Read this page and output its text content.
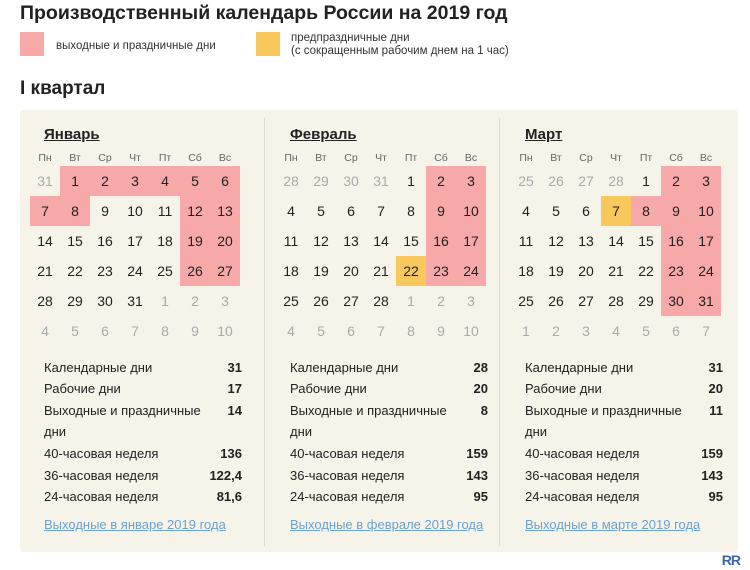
Производственный календарь России на 2019 год
выходные и праздничные дни
предпраздничные дни
(с сокращенным рабочим днем на 1 час)
I квартал
Январь
Пн	Вт	Ср	Чт	Пт	Сб	Вс
31	1	2	3	4	5	6
7	8	9	10	11	12	13
14	15	16	17	18	19	20
21	22	23	24	25	26	27
28	29	30	31	1	2	3
4	5	6	7	8	9	10
Календарные дни	31
Рабочие дни	17
Выходные и праздничные
дни
14
40-часовая неделя	136
36-часовая неделя	122,4
24-часовая неделя	81,6
Выходные в январе 2019 года
Февраль
Пн	Вт	Ср	Чт	Пт	Сб	Вс
28	29	30	31	1	2	3
4	5	6	7	8	9	10
11	12	13	14	15	16	17
18	19	20	21	22	23	24
25	26	27	28	1	2	3
4	5	6	7	8	9	10
Календарные дни	28
Рабочие дни	20
Выходные и праздничные
дни
8
40-часовая неделя	159
36-часовая неделя	143
24-часовая неделя	95
Выходные в феврале 2019 года
Март
Пн	Вт	Ср	Чт	Пт	Сб	Вс
25	26	27	28	1	2	3
4	5	6	7	8	9	10
11	12	13	14	15	16	17
18	19	20	21	22	23	24
25	26	27	28	29	30	31
1	2	3	4	5	6	7
Календарные дни	31
Рабочие дни	20
Выходные и праздничные
дни
11
40-часовая неделя	159
36-часовая неделя	143
24-часовая неделя	95
Выходные в марте 2019 года
RR
